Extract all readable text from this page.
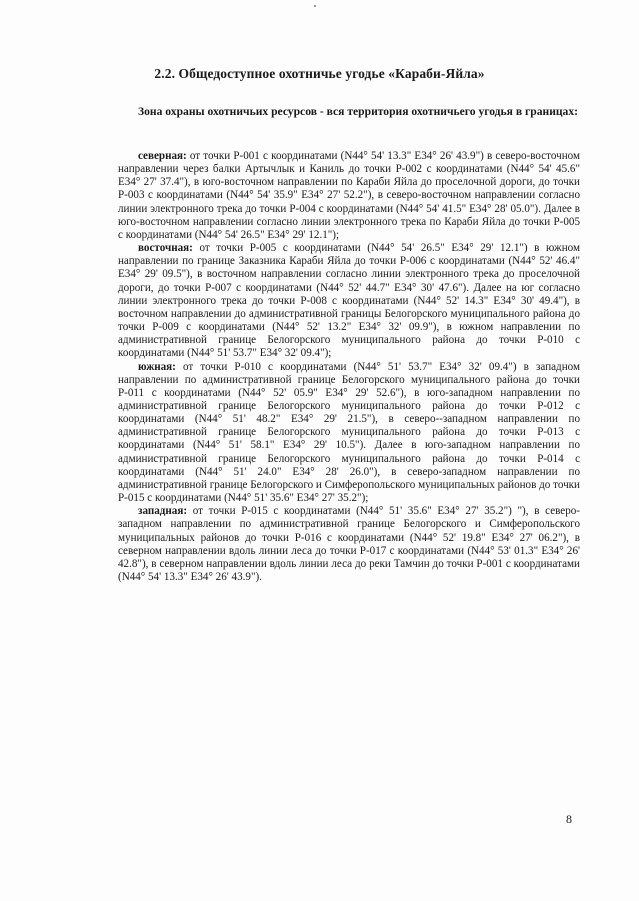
2.2. Общедоступное охотничье угодье «Караби-Яйла»
Зона охраны охотничьих ресурсов - вся территория охотничьего угодья в границах:

северная: от точки Р-001 с координатами (N44° 54' 13.3" E34° 26' 43.9") в северо-восточном направлении через балки Артычлык и Каниль до точки Р-002 с координатами (N44° 54' 45.6" E34° 27' 37.4"), в юго-восточном направлении по Караби Яйла до проселочной дороги, до точки Р-003 с координатами (N44° 54' 35.9" E34° 27' 52.2"), в северо-восточном направлении согласно линии электронного трека до точки Р-004 с координатами (N44° 54' 41.5" E34° 28' 05.0"). Далее в юго-восточном направлении согласно линии электронного трека по Караби Яйла до точки Р-005 с координатами (N44° 54' 26.5" E34° 29' 12.1");

восточная: от точки Р-005 с координатами (N44° 54' 26.5" E34° 29' 12.1") в южном направлении по границе Заказника Караби Яйла до точки Р-006 с координатами (N44° 52' 46.4" E34° 29' 09.5"), в восточном направлении согласно линии электронного трека до проселочной дороги, до точки Р-007 с координатами (N44° 52' 44.7" E34° 30' 47.6"). Далее на юг согласно линии электронного трека до точки Р-008 с координатами (N44° 52' 14.3" E34° 30' 49.4"), в восточном направлении до административной границы Белогорского муниципального района до точки Р-009 с координатами (N44° 52' 13.2" E34° 32' 09.9"), в южном направлении по административной границе Белогорского муниципального района до точки Р-010 с координатами (N44° 51' 53.7" E34° 32' 09.4");

южная: от точки Р-010 с координатами (N44° 51' 53.7" E34° 32' 09.4") в западном направлении по административной границе Белогорского муниципального района до точки Р-011 с координатами (N44° 52' 05.9" E34° 29' 52.6"), в юго-западном направлении по административной границе Белогорского муниципального района до точки Р-012 с координатами (N44° 51' 48.2" E34° 29' 21.5"), в северо--западном направлении по административной границе Белогорского муниципального района до точки Р-013 с координатами (N44° 51' 58.1" E34° 29' 10.5"). Далее в юго-западном направлении по административной границе Белогорского муниципального района до точки Р-014 с координатами (N44° 51' 24.0" E34° 28' 26.0"), в северо-западном направлении по административной границе Белогорского и Симферопольского муниципальных районов до точки Р-015 с координатами (N44° 51' 35.6" E34° 27' 35.2");

западная: от точки Р-015 с координатами (N44° 51' 35.6" E34° 27' 35.2") "), в северо-западном направлении по административной границе Белогорского и Симферопольского муниципальных районов до точки Р-016 с координатами (N44° 52' 19.8" E34° 27' 06.2"), в северном направлении вдоль линии леса до точки Р-017 с координатами (N44° 53' 01.3" E34° 26' 42.8"), в северном направлении вдоль линии леса до реки Тамчин до точки Р-001 с координатами (N44° 54' 13.3" E34° 26' 43.9").

8
